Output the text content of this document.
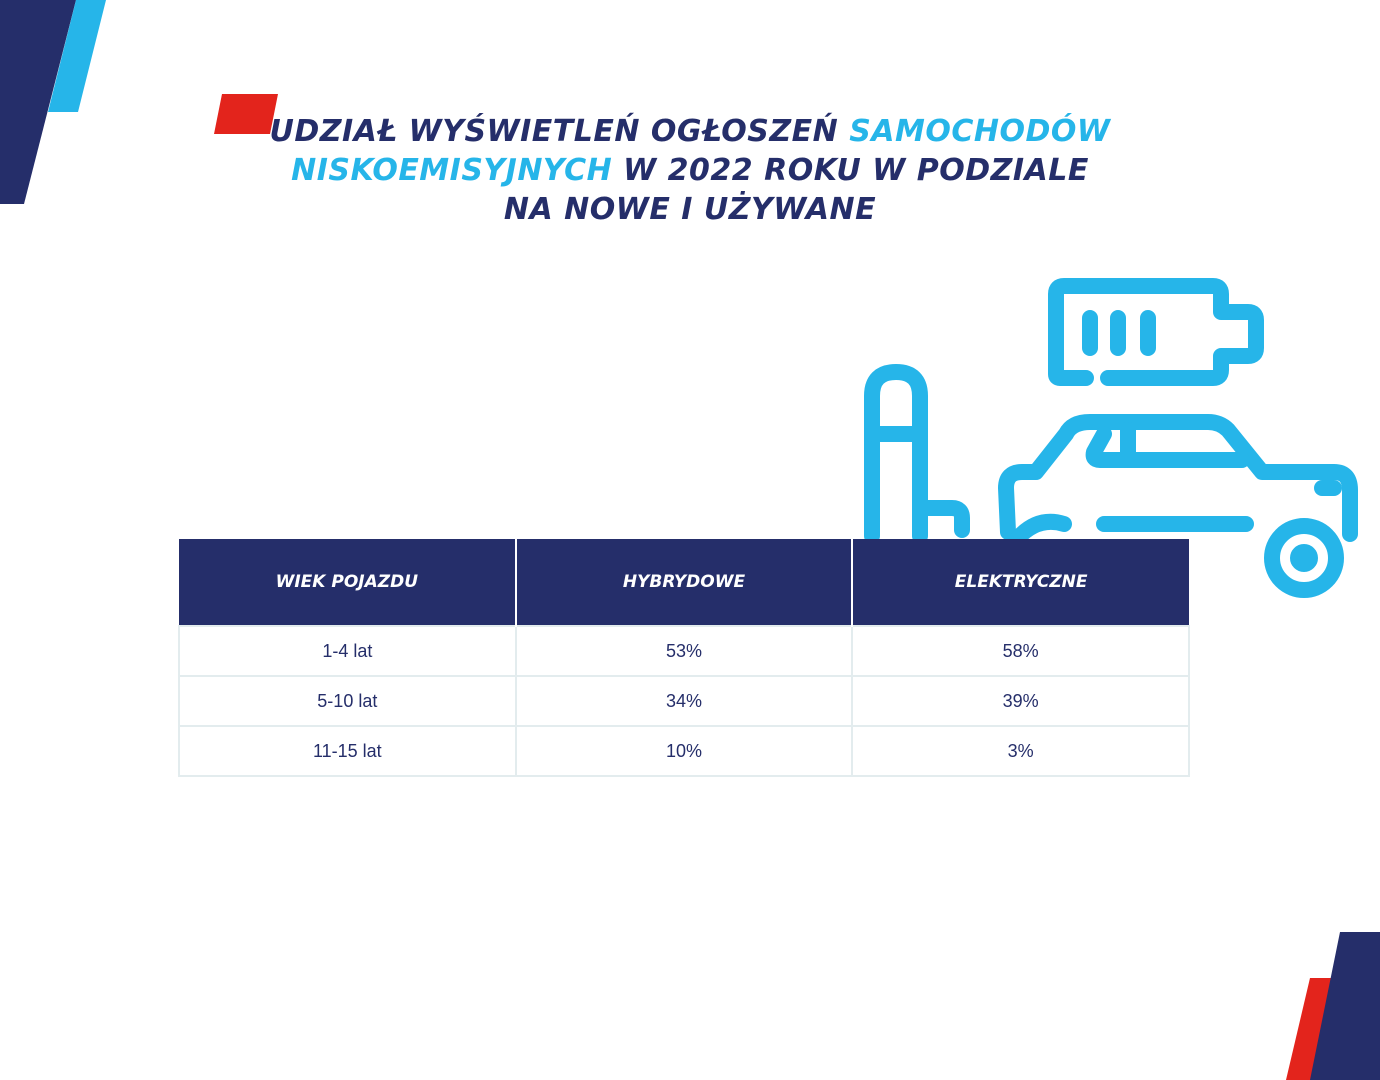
UDZIAŁ WYŚWIETLEŃ OGŁOSZEŃ SAMOCHODÓW NISKOEMISYJNYCH W 2022 ROKU W PODZIALE
NA NOWE I UŻYWANE
WIEK POJAZDU	HYBRYDOWE	ELEKTRYCZNE
1-4 lat	53%	58%
5-10 lat	34%	39%
11-15 lat	10%	3%
